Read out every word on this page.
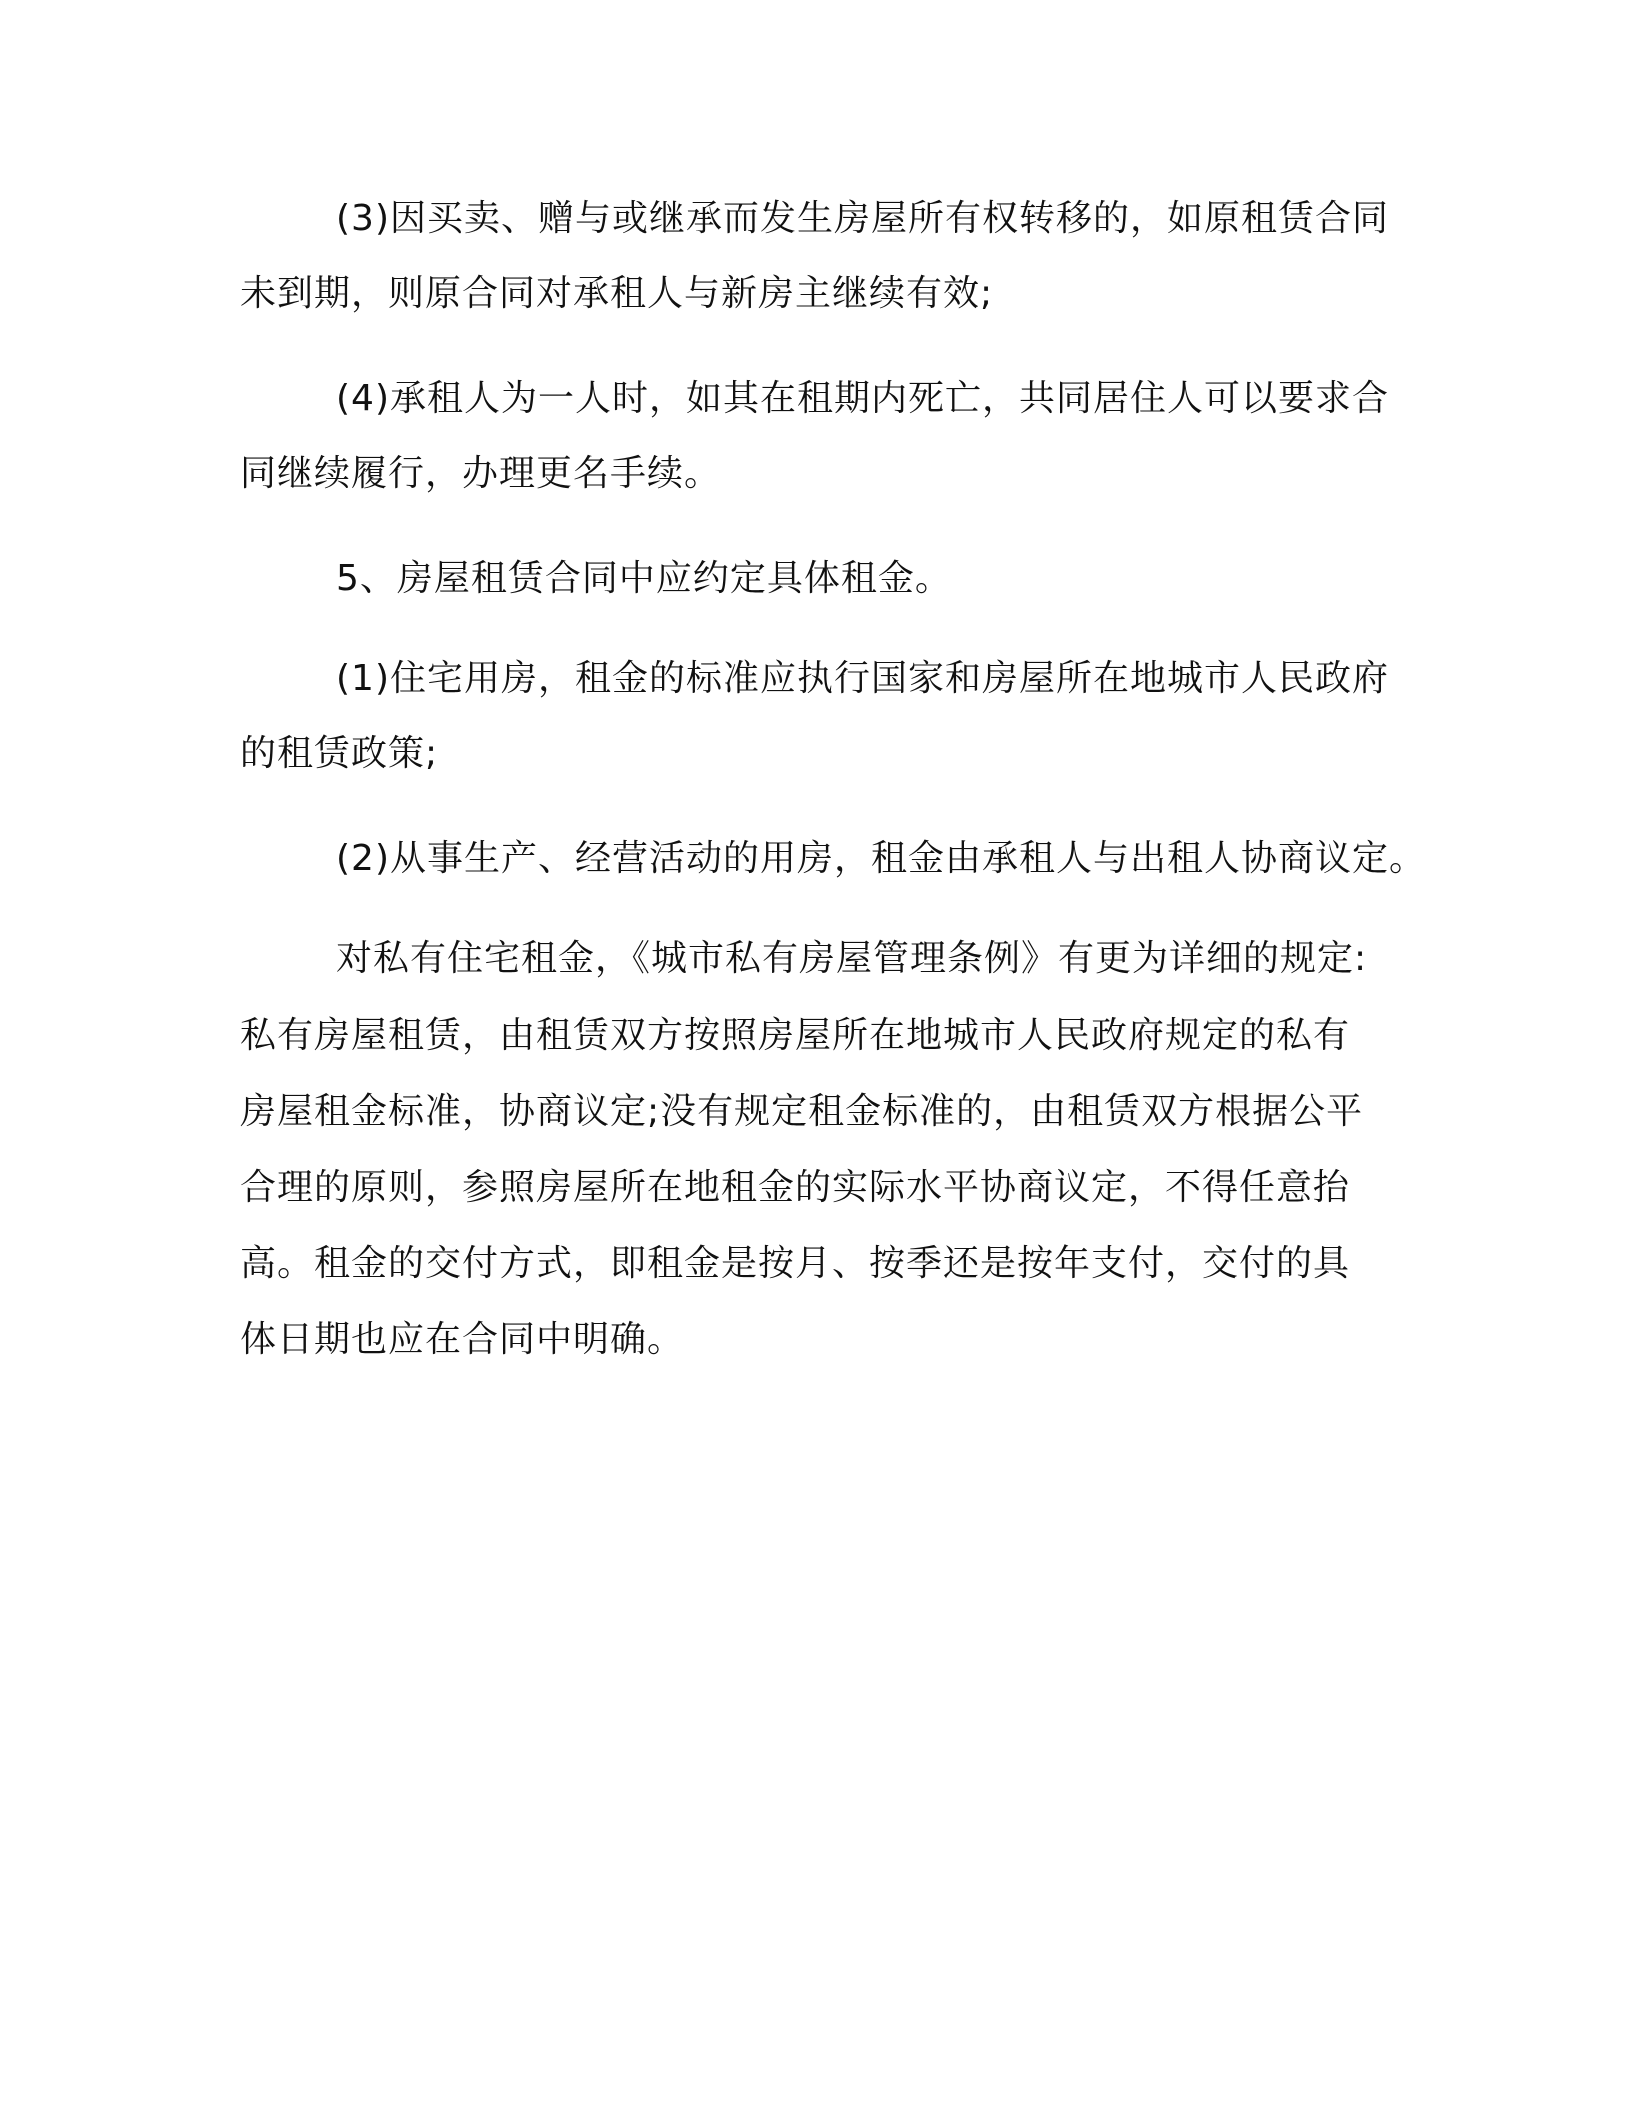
(3)因买卖、赠与或继承而发生房屋所有权转移的，如原租赁合同
未到期，则原合同对承租人与新房主继续有效;
(4)承租人为一人时，如其在租期内死亡，共同居住人可以要求合
同继续履行，办理更名手续。
5、房屋租赁合同中应约定具体租金。
(1)住宅用房，租金的标准应执行国家和房屋所在地城市人民政府
的租赁政策;
(2)从事生产、经营活动的用房，租金由承租人与出租人协商议定。
对私有住宅租金，《城市私有房屋管理条例》有更为详细的规定:
私有房屋租赁，由租赁双方按照房屋所在地城市人民政府规定的私有
房屋租金标准，协商议定;没有规定租金标准的，由租赁双方根据公平
合理的原则，参照房屋所在地租金的实际水平协商议定，不得任意抬
高。租金的交付方式，即租金是按月、按季还是按年支付，交付的具
体日期也应在合同中明确。
